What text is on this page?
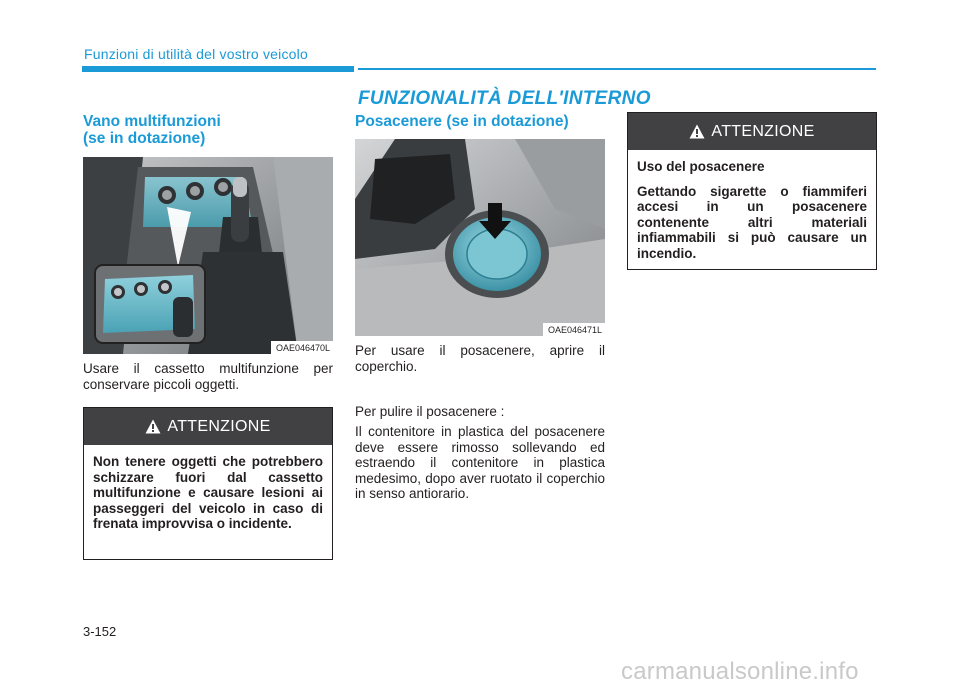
Funzioni di utilità del vostro veicolo
FUNZIONALITÀ DELL'INTERNO
Vano multifunzioni
(se in dotazione)
OAE046470L
Usare il cassetto multifunzione per conservare piccoli oggetti.
ATTENZIONE
Non tenere oggetti che potrebbero schizzare fuori dal cassetto multifunzione e causare lesioni ai passeggeri del veicolo in caso di frenata improvvisa o incidente.
Posacenere (se in dotazione)
OAE046471L
Per usare il posacenere, aprire il coperchio.
Per pulire il posacenere :
Il contenitore in plastica del posacenere deve essere rimosso sollevando ed estraendo il contenitore in plastica medesimo, dopo aver ruotato il coperchio in senso antiorario.
ATTENZIONE
Uso del posacenere
Gettando sigarette o fiammiferi accesi in un posacenere contenente altri materiali infiammabili si può causare un incendio.
3-152
carmanualsonline.info
